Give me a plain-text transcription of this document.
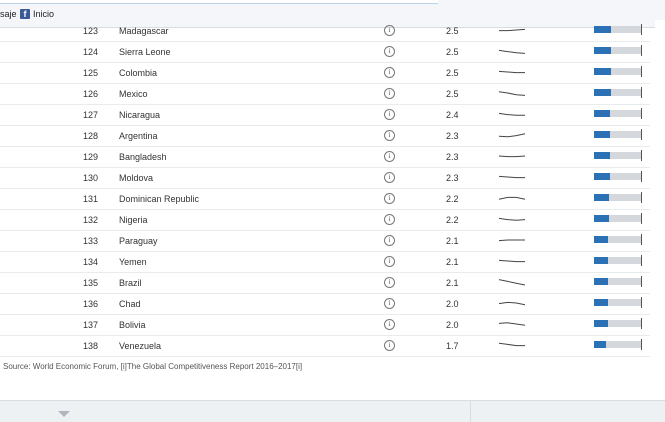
saje f Inicio
123 Madagascar	i	2.5
124 Sierra Leone	i	2.5
125 Colombia	i	2.5
126 Mexico	i	2.5
127 Nicaragua	i	2.4
128 Argentina	i	2.3
129 Bangladesh	i	2.3
130 Moldova	i	2.3
131 Dominican Republic	i	2.2
132 Nigeria	i	2.2
133 Paraguay	i	2.1
134 Yemen	i	2.1
135 Brazil	i	2.1
136 Chad	i	2.0
137 Bolivia	i	2.0
138 Venezuela	i	1.7
Source: World Economic Forum, [i]The Global Competitiveness Report 2016–2017[i]
